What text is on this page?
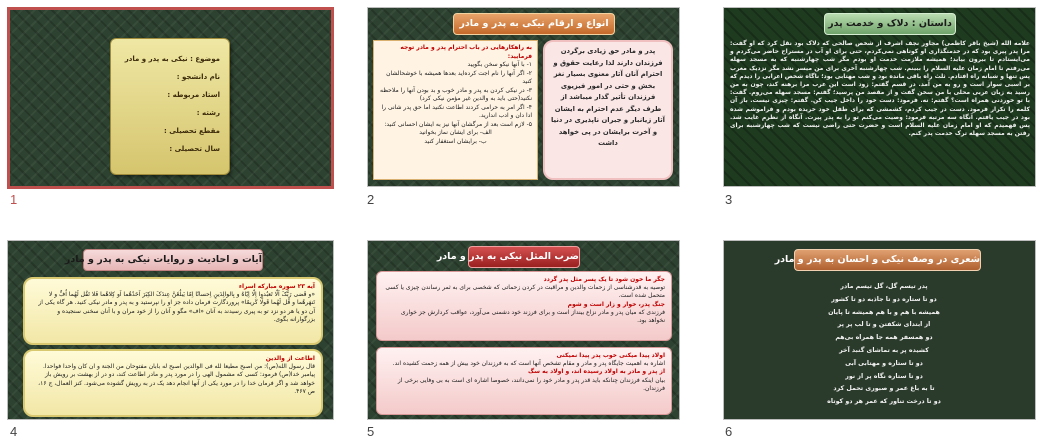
موضوع : نیکی به پدر و مادر
نام دانشجو :
استاد مربوطه :
رشته :
مقطع تحصیلی :
سال تحصیلی :
1
انواع و ارقام نیکی به پدر و مادر
پدر و مادر حق زیادی برگردن فرزندان دارند لذا رعایت حقوق و احترام آنان آثار معنوی بسیار نغز بخش و حتی در امور فیزیوی فرزندان تأثیر گذار میباشد از طرف دیگر عدم احترام به ایشان آثار زیانبار و جبران ناپذیری در دنیا و آخرت برایشان در پی خواهد داشت
به راهکارهایی در باب احترام پدر و مادر توجه فرمایید:
۱- با آنها نیکو سخن بگویید
۲- اگر آنها را نام اجت کرده‌اید بعدها همیشه با خوشحالشان کنید
۳- در نیکی کردن به پدر و مادر خوب و بد بودن آنها را ملاحظه نکنید(حتی باید به والدین غیر مؤمن نیکی کرد)
۴- اگر امر به حرامی کردند اطاعت نکنید اما حق پدر شانی را ادا دان و ادب اندارید.
۵- لازم است بعد از مرگشان آنها نیز به ایشان احسانی کنید:
الف- برای ایشان نماز بخوانید
ب- برایشان استغفار کنید
2
داستان : دلاک و خدمت پدر
علامه الله (شیخ باقر کاظمی) مجاور نجف اشرف از شخص صالحی که دلاک بود نقل کرد که او گفت: مرا پدر پیری بود که در خدمتگذاری او کوتاهی نمی‌کردم، حتی برای او آب در مستراح حاضر می‌کردم و می‌ایستادم تا بیرون بیاید؛ همیشه ملازمت خدمت او بودم مگر شب چهارشنبه که به مسجد سهله می‌رفتم تا امام زمان علیه السلام را ببینم. شب چهارشنبه آخری برای من میسر نشد مگر نزدیک مغرب پس تنها و شبانه راه افتادم. ثلث راه باقی مانده بود و شب مهتابی بود؛ ناگاه شخص اعرابی را دیدم که بر اسبی سوار است و رو به من آمد. در قسم گفتم: زود است این عرب مرا برهنه کند، چون به من رسید به زبان عربی محلی با من سخن گفت و از مقصد من پرسید؛ گفتم: مسجد سهله می‌روم. گفت: با تو خوردنی همراه است؟ گفتم: نه. فرمود: دست خود را داخل جیب کن. گفتم: چیزی نیست. باز آن کلمه را تکرار فرمود. دست در جیب کردم، کشمشی که برای طفل خود خریده بودم و فراموشم شده بود در جیب یافتم. آنگاه سه مرتبه فرمود: وصیت می‌کنم تو را به پدر پیرت. آنگاه از نظرم غایب شد. پس فهمیدم که او امام زمان علیه السلام است و حضرت حتی راضی نیست که شب چهارشنبه برای رفتن به مسجد سهله ترک خدمت پدر کنم.
3
آیات و احادیث و روایات نیکی به پدر و مادر
آیه ۲۳ سوره مبارکه اسراء
«و قَضی رَبُّکَ اَلّا تَعبُدوا اِلّا اِیّاهُ و بِالوالِدَینِ اِحسانًا اِمّا یَبلُغَنَّ عِندَکَ الکِبَرَ اَحَدُهُما اَو کِلاهُما فَلا تَقُل لَهُما اُفٍّ و لا تَنهَرهُما و قُل لَهُما قَولًا کَریمًا» پروردگارت فرمان داده جز او را نپرستید و به پدر و مادر نیکی کنید. هر گاه یکی از آن دو یا هر دو نزد تو به پیری رسیدند به آنان «اف» مگو و آنان را از خود مران و با آنان سخنی سنجیده و بزرگوارانه بگوی.
اطاعت از والدین
قال رسول الله(ص): من اصبح مطیعا لله فی الوالدین اصبح له بابان مفتوحان من الجنة و ان کان واحدا فواحدا. پیامبر خدا(ص) فرمود: کسی که مشمول الهی را در مورد پدر و مادر اطاعت کند، دو در از بهشت بر رویش باز خواهد شد و اگر فرمان خدا را در مورد یکی از آنها انجام دهد یک در به رویش گشوده می‌شود. کنز العمال، ج ۱۶، ص ۴۶۷.
4
ضرب المثل نیکی به پدر و مادر
جگر ما خون شود تا یک پسر مثل پدر گردد
توصیه به قدرشناسی از زحمات والدین و مراقبت در کردن زحماتی که شخصی برای به ثمر رساندن چیزی یا کسی متحمل شده است.
جنگ پدر، خوار و زار است و شوم
فرزندی که میان پدر و مادر نزاع بینداز است و برای فرزند خود دشمنی می‌آورد، عواقب کردارش جز خواری نخواهد بود.
اولاد پیدا میکنی خوب پدر پیدا نمیکنی
اشاره به اهمیت جایگاه پدر و مادر و مقام تشخص آنها است که به فرزندان خود بیش از همه زحمت کشیده اند.
از پدر و مادر به اولاد رسیده اند، و اولاد به سگ
بیان اینکه فرزندان چنانکه باید قدر پدر و مادر خود را نمی‌دانند، خصوصا اشاره ای است به بی وفایی برخی از فرزندان.
5
شعری در وصف نیکی و احسان به پدر و مادر
پدر تیسم گل، گل تیسم مادر
دو تا ستاره دو تا جاذبه دو تا کشور
همیشه با هم و با هم همیشه تا پایان
از ابتدای شکفتن و تا لب پر پر
دو همسفر همه جا همراه بی‌هم
کشیده پر به تماشای گنبد آخر
دو تا ستاره و مهتابی آبی
دو تا ستاره نگاه پر از نور
تا به باغ عمر و صبوری تحمل کرد
دو تا درخت تناور که عمر هر دو کوتاه
6
